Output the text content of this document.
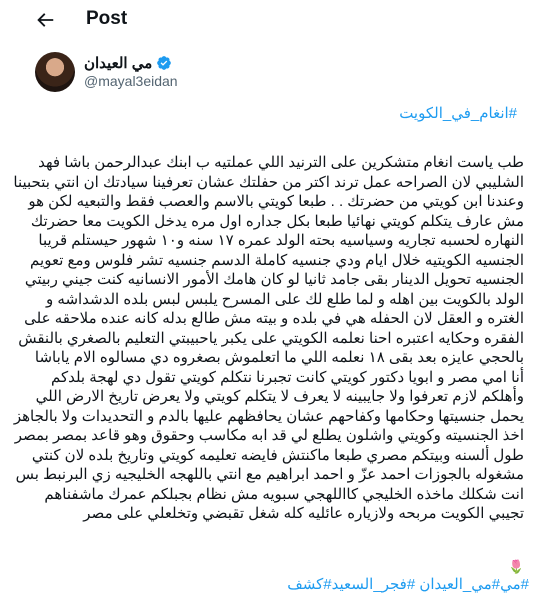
Post
مي العيدان
@mayal3eidan
#انغام_في_الكويت
طب ياست انغام متشكرين على الترنيد اللي عملتيه ب ابنك عبدالرحمن باشا فهد
الشليبي لان الصراحه عمل ترند اكتر من حفلتك عشان تعرفينا سيادتك ان انتي بتحبينا
وعندنا ابن كويتي من حضرتك . . طبعا كويتي بالاسم والعصب فقط والتبعيه لكن هو
مش عارف يتكلم كويتي نهائيا طبعا بكل جداره اول مره يدخل الكويت معا حضرتك
النهاره لحسبه تجاريه وسياسيه بحته الولد عمره ١٧ سنه و١٠ شهور حيستلم قريبا
الجنسيه الكويتيه خلال ايام ودي جنسيه كاملة الدسم جنسيه تشر فلوس ومع تعويم
الجنسيه تحويل الدينار بقى جامد ثانيا لو كان هامك الأمور الانسانيه كنت جيني ربيتي
الولد بالكويت بين اهله و لما طلع لك على المسرح يلبس لبس بلده الدشداشه و
الغتره و العقل لان الحفله هي في بلده و بيته مش طالع بدله كانه عنده ملاحقه على
الفقره وحكايه اعتبره احنا نعلمه الكويتي على يكبر ياحبيبتي التعليم بالصغري بالنقش
بالحجي عايزه بعد بقى ١٨ نعلمه اللي ما اتعلموش بصغروه دي مسالوه الام ياباشا
أنا امي مصر و ابويا دكتور كويتي كانت تجبرنا نتكلم كويتي تقول دي لهجة بلدكم
وأهلكم لازم تعرفوا ولا جايبينه لا يعرف لا يتكلم كويتي ولا يعرض تاريخ الارض اللي
يحمل جنسيتها وحكامها وكفاحهم عشان يحافظهم عليها بالدم و التحديدات ولا بالجاهز
اخذ الجنسيته وكويتي واشلون يطلع لي قد ابه مكاسب وحقوق وهو قاعد بمصر بمصر
طول ألسنه وبيتكم مصري طبعا ماكنتش فايضه تعليمه كويتي وتاريخ بلده لان كنتي
مشغوله بالجوزات احمد عزّ و احمد ابراهيم مع انتي باللهجه الخليجيه زي البرنبط بس
انت شكلك ماخذه الخليجي كااللهجي سبويه مش نظام بجبلكم عمرك ماشفناهم
تجيبي الكويت مربحه ولازياره عائليه كله شغل تقبضي وتخلعلي على مصر
🌷
#مي#مي_العيدان #فجر_السعيد#كشف
